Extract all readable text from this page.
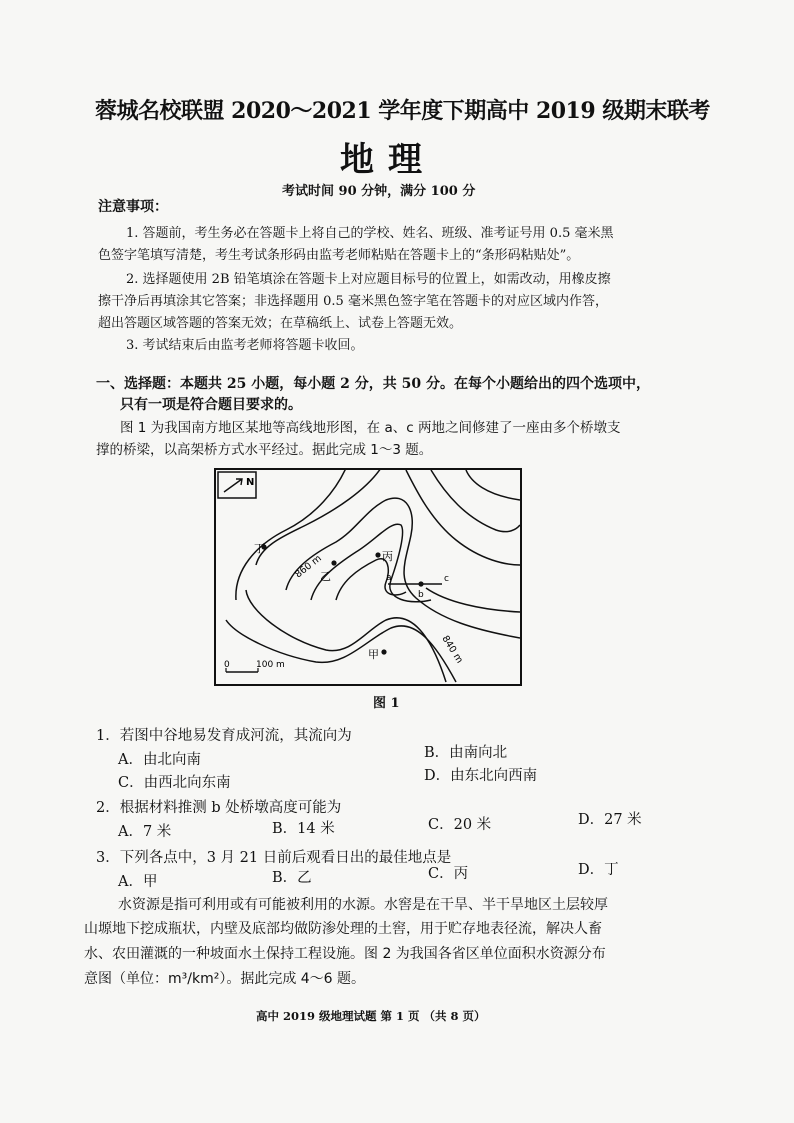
蓉城名校联盟 2020～2021 学年度下期高中 2019 级期末联考
地理
考试时间 90 分钟，满分 100 分
注意事项：
1. 答题前，考生务必在答题卡上将自己的学校、姓名、班级、准考证号用 0.5 毫米黑
色签字笔填写清楚，考生考试条形码由监考老师粘贴在答题卡上的“条形码粘贴处”。
2. 选择题使用 2B 铅笔填涂在答题卡上对应题目标号的位置上，如需改动，用橡皮擦
擦干净后再填涂其它答案；非选择题用 0.5 毫米黑色签字笔在答题卡的对应区域内作答，
超出答题区域答题的答案无效；在草稿纸上、试卷上答题无效。
3. 考试结束后由监考老师将答题卡收回。
一、选择题：本题共 25 小题，每小题 2 分，共 50 分。在每个小题给出的四个选项中，
只有一项是符合题目要求的。
图 1 为我国南方地区某地等高线地形图，在 a、c 两地之间修建了一座由多个桥墩支
撑的桥梁，以高架桥方式水平经过。据此完成 1～3 题。
N
丁
丙
乙
甲
a
b
c
860 m
840 m
0	100 m
图 1
1．若图中谷地易发育成河流，其流向为
A．由北向南	B．由南向北
C．由西北向东南	D．由东北向西南
2．根据材料推测 b 处桥墩高度可能为
A．7 米	B．14 米	C．20 米	D．27 米
3．下列各点中，3 月 21 日前后观看日出的最佳地点是
A．甲	B．乙	C．丙	D．丁
水资源是指可利用或有可能被利用的水源。水窖是在干旱、半干旱地区土层较厚
山塬地下挖成瓶状，内壁及底部均做防渗处理的土窖，用于贮存地表径流，解决人畜
水、农田灌溉的一种坡面水土保持工程设施。图 2 为我国各省区单位面积水资源分布
意图（单位：m³/km²）。据此完成 4～6 题。
高中 2019 级地理试题 第 1 页 （共 8 页）
